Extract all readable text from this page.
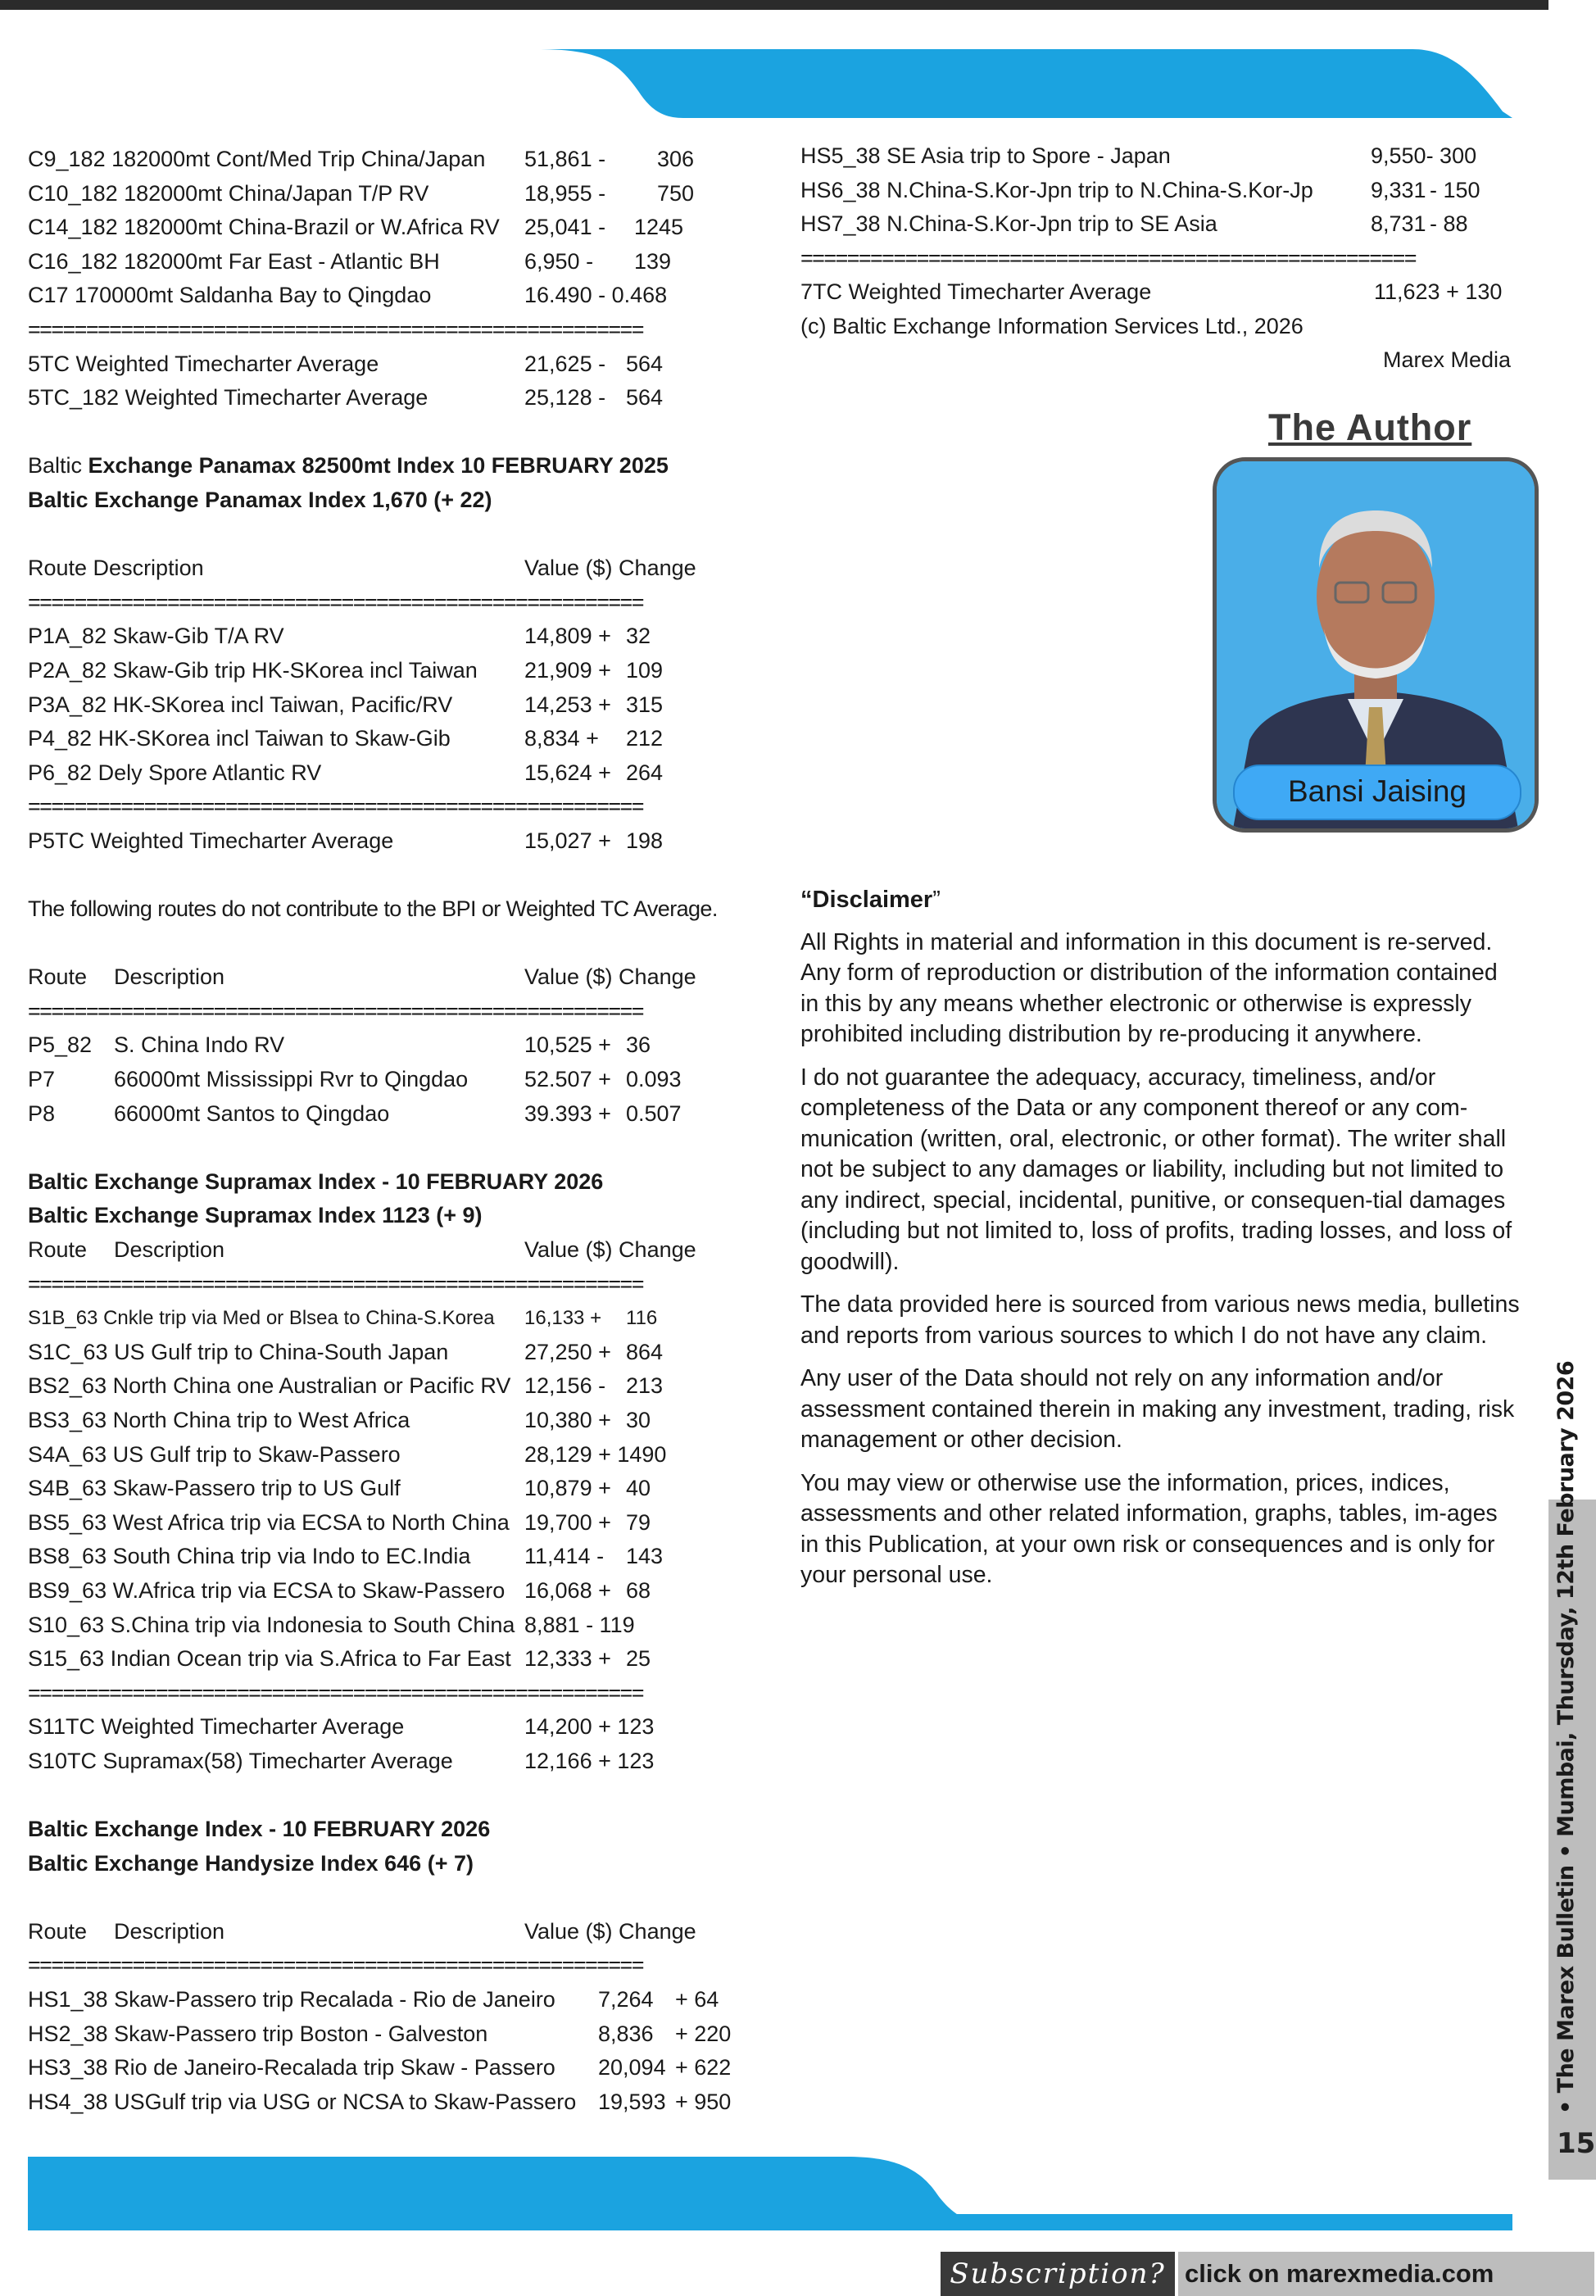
C9_182 182000mt Cont/Med Trip China/Japan 51,861 - 306
C10_182 182000mt China/Japan T/P RV	18,955 - 750
C14_182 182000mt China-Brazil or W.Africa RV 25,041 - 1245
C16_182 182000mt Far East - Atlantic BH	6,950 - 139
C17 170000mt Saldanha Bay to Qingdao	16.490 - 0.468
=====================================================
5TC Weighted Timecharter Average	21,625 - 564
5TC_182 Weighted Timecharter Average	25,128 - 564
Baltic Exchange Panamax 82500mt Index 10 FEBRUARY 2025
Baltic Exchange Panamax Index 1,670 (+ 22)
Route Description	Value ($) Change
=====================================================
P1A_82 Skaw-Gib T/A RV	14,809 + 32
P2A_82 Skaw-Gib trip HK-SKorea incl Taiwan 21,909 + 109
P3A_82 HK-SKorea incl Taiwan, Pacific/RV	14,253 + 315
P4_82 HK-SKorea incl Taiwan to Skaw-Gib	8,834 + 212
P6_82 Dely Spore Atlantic RV	15,624 + 264
=====================================================
P5TC Weighted Timecharter Average	15,027 + 198
The following routes do not contribute to the BPI or Weighted TC Average.
Route Description	Value ($) Change
=====================================================
P5_82 S. China Indo RV	10,525 + 36
P7	66000mt Mississippi Rvr to Qingdao	52.507 + 0.093
P8	66000mt Santos to Qingdao	39.393 + 0.507
Baltic Exchange Supramax Index - 10 FEBRUARY 2026
Baltic Exchange Supramax Index 1123 (+ 9)
Route Description	Value ($) Change
=====================================================
S1B_63 Cnkle trip via Med or Blsea to China-S.Korea 16,133 + 116
S1C_63 US Gulf trip to China-South Japan	27,250 + 864
BS2_63 North China one Australian or Pacific RV 12,156 - 213
BS3_63 North China trip to West Africa	10,380 + 30
S4A_63 US Gulf trip to Skaw-Passero	28,129 + 1490
S4B_63 Skaw-Passero trip to US Gulf	10,879 + 40
BS5_63 West Africa trip via ECSA to North China 19,700 + 79
BS8_63 South China trip via Indo to EC.India 11,414 - 143
BS9_63 W.Africa trip via ECSA to Skaw-Passero 16,068 + 68
S10_63 S.China trip via Indonesia to South China 8,881 - 119
S15_63 Indian Ocean trip via S.Africa to Far East 12,333 + 25
=====================================================
S11TC Weighted Timecharter Average	14,200 + 123
S10TC Supramax(58) Timecharter Average	12,166 + 123
Baltic Exchange Index - 10 FEBRUARY 2026
Baltic Exchange Handysize Index 646 (+ 7)
Route Description	Value ($) Change
=====================================================
HS1_38 Skaw-Passero trip Recalada - Rio de Janeiro 7,264 + 64
HS2_38 Skaw-Passero trip Boston - Galveston	8,836 + 220
HS3_38 Rio de Janeiro-Recalada trip Skaw - Passero 20,094 + 622
HS4_38 USGulf trip via USG or NCSA to Skaw-Passero 19,593 + 950
HS5_38 SE Asia trip to Spore - Japan	9,550- 300
HS6_38 N.China-S.Kor-Jpn trip to N.China-S.Kor-Jp	9,331 - 150
HS7_38 N.China-S.Kor-Jpn trip to SE Asia	8,731 - 88
=====================================================
7TC Weighted Timecharter Average	11,623 + 130
(c) Baltic Exchange Information Services Ltd., 2026
Marex Media
The Author
Bansi Jaising
“Disclaimer”

All Rights in material and information in this document is re-served. Any form of reproduction or distribution of the information contained in this by any means whether electronic or otherwise is expressly prohibited including distribution by re-producing it anywhere.

I do not guarantee the adequacy, accuracy, timeliness, and/or completeness of the Data or any component thereof or any com-munication (written, oral, electronic, or other format). The writer shall not be subject to any damages or liability, including but not limited to any indirect, special, incidental, punitive, or consequen-tial damages (including but not limited to, loss of profits, trading losses, and loss of goodwill).

The data provided here is sourced from various news media, bulletins and reports from various sources to which I do not have any claim.

Any user of the Data should not rely on any information and/or assessment contained therein in making any investment, trading, risk management or other decision.

You may view or otherwise use the information, prices, indices, assessments and other related information, graphs, tables, im-ages in this Publication, at your own risk or consequences and is only for your personal use.	• The Marex Bulletin • Mumbai, Thursday, 12th February 2026
15
Subscription? click on marexmedia.com
